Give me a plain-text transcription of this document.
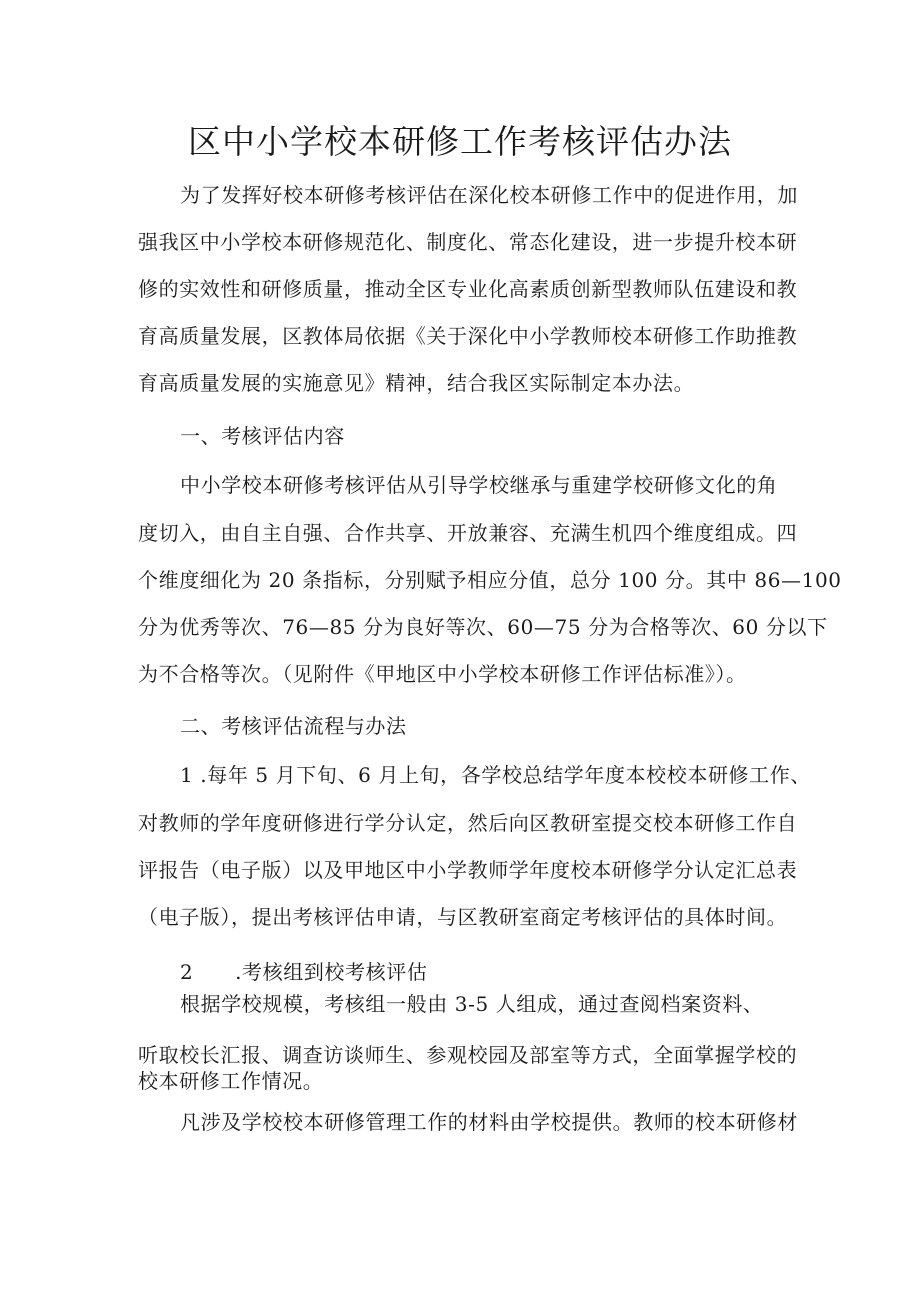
区中小学校本研修工作考核评估办法
为了发挥好校本研修考核评估在深化校本研修工作中的促进作用，加
强我区中小学校本研修规范化、制度化、常态化建设，进一步提升校本研
修的实效性和研修质量，推动全区专业化高素质创新型教师队伍建设和教
育高质量发展，区教体局依据《关于深化中小学教师校本研修工作助推教
育高质量发展的实施意见》精神，结合我区实际制定本办法。
一、考核评估内容
中小学校本研修考核评估从引导学校继承与重建学校研修文化的角
度切入，由自主自强、合作共享、开放兼容、充满生机四个维度组成。四
个维度细化为 20 条指标，分别赋予相应分值，总分 100 分。其中 86—100
分为优秀等次、76—85 分为良好等次、60—75 分为合格等次、60 分以下
为不合格等次。（见附件《甲地区中小学校本研修工作评估标准》）。
二、考核评估流程与办法
1 .每年 5 月下旬、6 月上旬，各学校总结学年度本校校本研修工作、
对教师的学年度研修进行学分认定，然后向区教研室提交校本研修工作自
评报告（电子版）以及甲地区中小学教师学年度校本研修学分认定汇总表
（电子版），提出考核评估申请，与区教研室商定考核评估的具体时间。
2      .考核组到校考核评估
根据学校规模，考核组一般由 3-5 人组成，通过查阅档案资料、
听取校长汇报、调查访谈师生、参观校园及部室等方式，全面掌握学校的
校本研修工作情况。
凡涉及学校校本研修管理工作的材料由学校提供。教师的校本研修材
